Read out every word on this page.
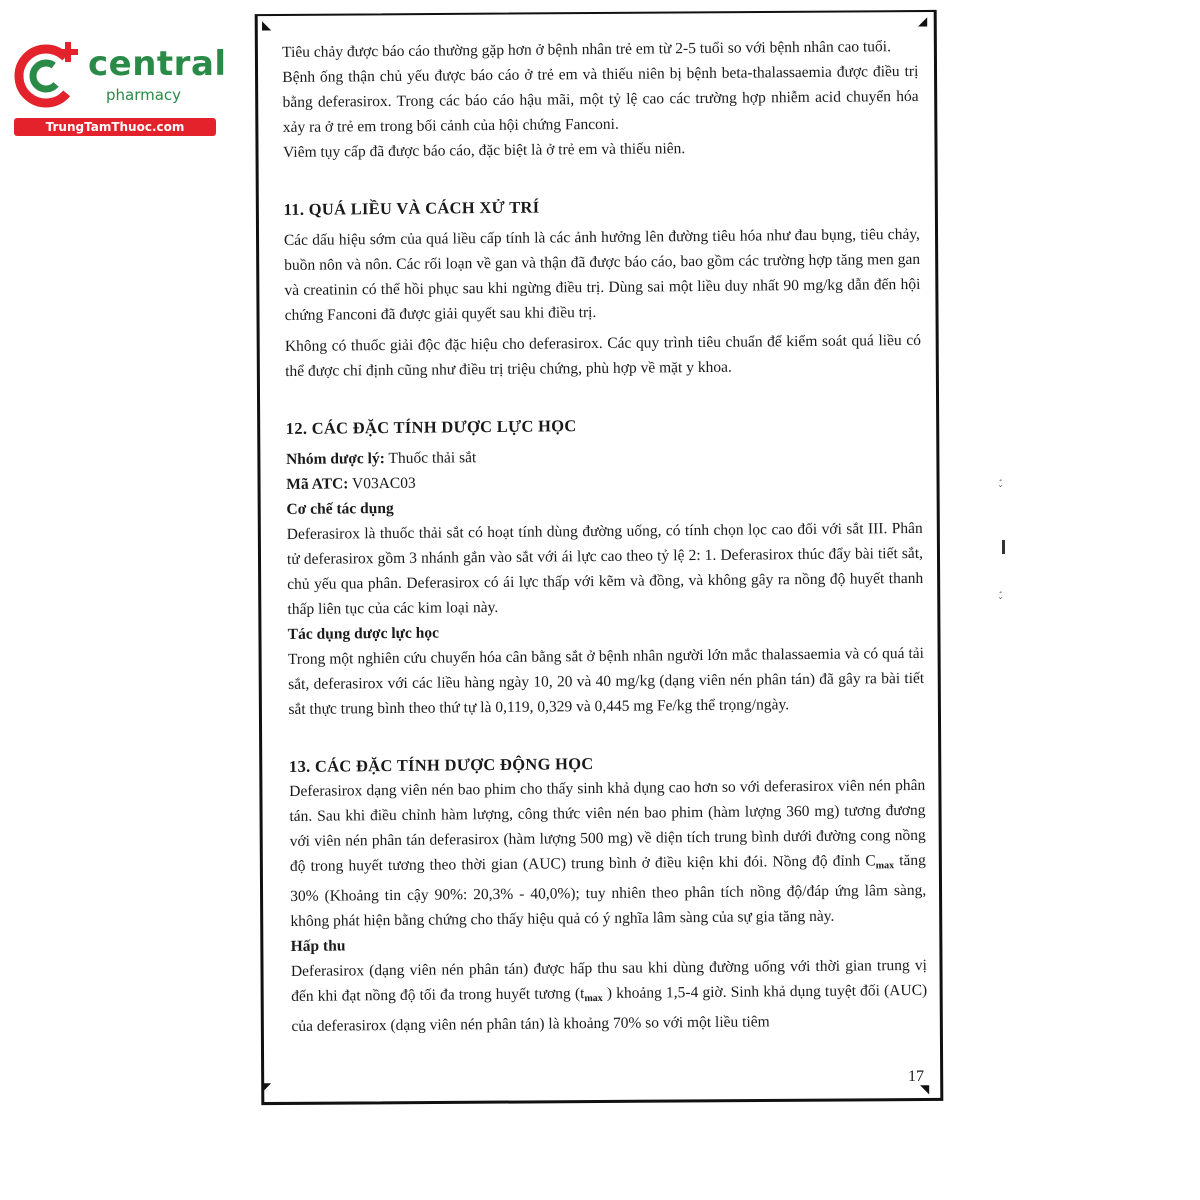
central
pharmacy
TrungTamThuoc.com
◣	◢
◤	◥
¸
ˇ

¸
ˇ

Tiêu chảy được báo cáo thường gặp hơn ở bệnh nhân trẻ em từ 2-5 tuổi so với bệnh nhân cao tuổi.

Bệnh ống thận chủ yếu được báo cáo ở trẻ em và thiếu niên bị bệnh beta-thalassaemia được điều trị bằng deferasirox. Trong các báo cáo hậu mãi, một tỷ lệ cao các trường hợp nhiễm acid chuyển hóa xảy ra ở trẻ em trong bối cảnh của hội chứng Fanconi.

Viêm tụy cấp đã được báo cáo, đặc biệt là ở trẻ em và thiếu niên.

11. QUÁ LIỀU VÀ CÁCH XỬ TRÍ

Các dấu hiệu sớm của quá liều cấp tính là các ảnh hưởng lên đường tiêu hóa như đau bụng, tiêu chảy, buồn nôn và nôn. Các rối loạn về gan và thận đã được báo cáo, bao gồm các trường hợp tăng men gan và creatinin có thể hồi phục sau khi ngừng điều trị. Dùng sai một liều duy nhất 90 mg/kg dẫn đến hội chứng Fanconi đã được giải quyết sau khi điều trị.

Không có thuốc giải độc đặc hiệu cho deferasirox. Các quy trình tiêu chuẩn để kiểm soát quá liều có thể được chỉ định cũng như điều trị triệu chứng, phù hợp về mặt y khoa.

12. CÁC ĐẶC TÍNH DƯỢC LỰC HỌC

Nhóm dược lý: Thuốc thải sắt

Mã ATC: V03AC03

Cơ chế tác dụng

Deferasirox là thuốc thải sắt có hoạt tính dùng đường uống, có tính chọn lọc cao đối với sắt III. Phân tử deferasirox gồm 3 nhánh gắn vào sắt với ái lực cao theo tỷ lệ 2: 1. Deferasirox thúc đẩy bài tiết sắt, chủ yếu qua phân. Deferasirox có ái lực thấp với kẽm và đồng, và không gây ra nồng độ huyết thanh thấp liên tục của các kim loại này.

Tác dụng dược lực học

Trong một nghiên cứu chuyển hóa cân bằng sắt ở bệnh nhân người lớn mắc thalassaemia và có quá tải sắt, deferasirox với các liều hàng ngày 10, 20 và 40 mg/kg (dạng viên nén phân tán) đã gây ra bài tiết sắt thực trung bình theo thứ tự là 0,119, 0,329 và 0,445 mg Fe/kg thể trọng/ngày.

13. CÁC ĐẶC TÍNH DƯỢC ĐỘNG HỌC

Deferasirox dạng viên nén bao phim cho thấy sinh khả dụng cao hơn so với deferasirox viên nén phân tán. Sau khi điều chỉnh hàm lượng, công thức viên nén bao phim (hàm lượng 360 mg) tương đương với viên nén phân tán deferasirox (hàm lượng 500 mg) về diện tích trung bình dưới đường cong nồng độ trong huyết tương theo thời gian (AUC) trung bình ở điều kiện khi đói. Nồng độ đỉnh $C_{max}$ tăng 30% (Khoảng tin cậy 90%: 20,3% - 40,0%); tuy nhiên theo phân tích nồng độ/đáp ứng lâm sàng, không phát hiện bằng chứng cho thấy hiệu quả có ý nghĩa lâm sàng của sự gia tăng này.

Hấp thu

Deferasirox (dạng viên nén phân tán) được hấp thu sau khi dùng đường uống với thời gian trung vị đến khi đạt nồng độ tối đa trong huyết tương ($t_{max}$ ) khoảng 1,5-4 giờ. Sinh khả dụng tuyệt đối (AUC) của deferasirox (dạng viên nén phân tán) là khoảng 70% so với một liều tiêm

17
